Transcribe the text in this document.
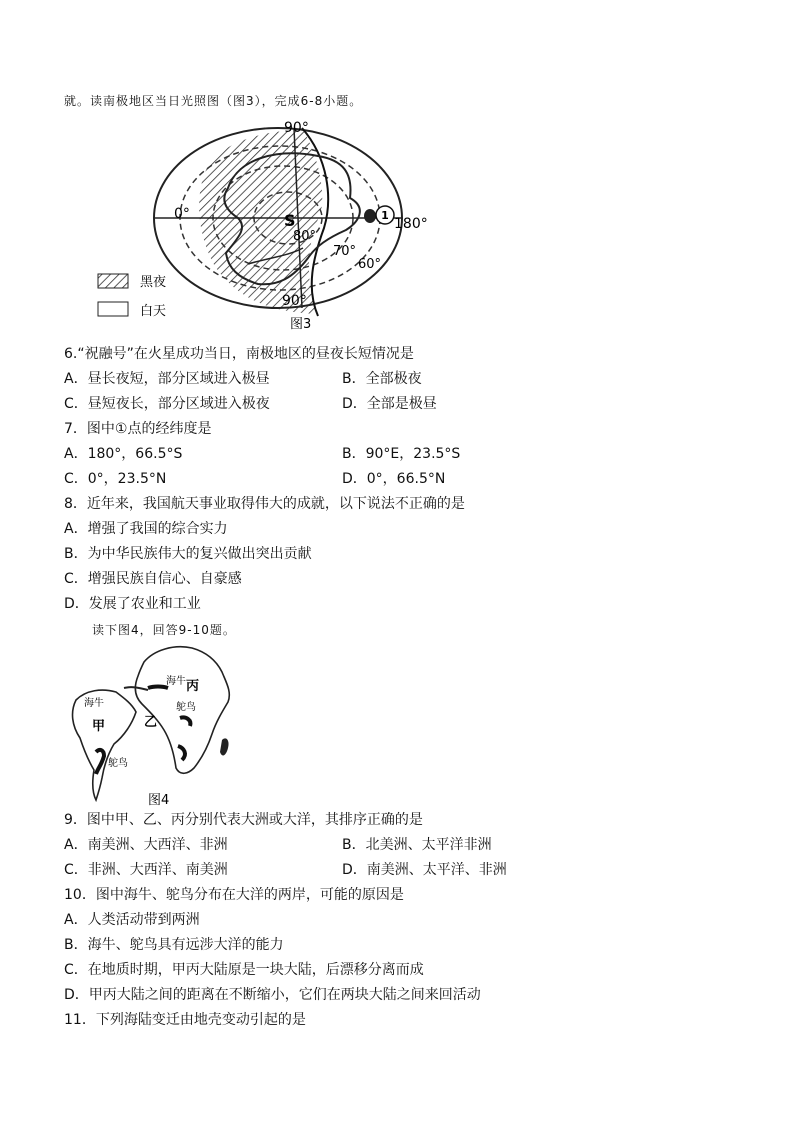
就。读南极地区当日光照图（图3），完成6-8小题。
1
90°
90°
0°
180°
S
80°
70°
60°
黑夜
白天
图3
6.“祝融号”在火星成功当日，南极地区的昼夜长短情况是
A．昼长夜短，部分区域进入极昼	B．全部极夜
C．昼短夜长，部分区域进入极夜	D．全部是极昼
7．图中①点的经纬度是
A．180°，66.5°S	B．90°E，23.5°S
C．0°，23.5°N	D．0°，66.5°N
8．近年来，我国航天事业取得伟大的成就，以下说法不正确的是
A．增强了我国的综合实力
B．为中华民族伟大的复兴做出突出贡献
C．增强民族自信心、自豪感
D．发展了农业和工业
读下图4，回答9-10题。
海牛
海牛
鸵鸟
鸵鸟
甲	乙
丙
图4
9．图中甲、乙、丙分别代表大洲或大洋，其排序正确的是
A．南美洲、大西洋、非洲	B．北美洲、太平洋非洲
C．非洲、大西洋、南美洲	D．南美洲、太平洋、非洲
10．图中海牛、鸵鸟分布在大洋的两岸，可能的原因是
A．人类活动带到两洲
B．海牛、鸵鸟具有远涉大洋的能力
C．在地质时期，甲丙大陆原是一块大陆，后漂移分离而成
D．甲丙大陆之间的距离在不断缩小，它们在两块大陆之间来回活动
11．下列海陆变迁由地壳变动引起的是
